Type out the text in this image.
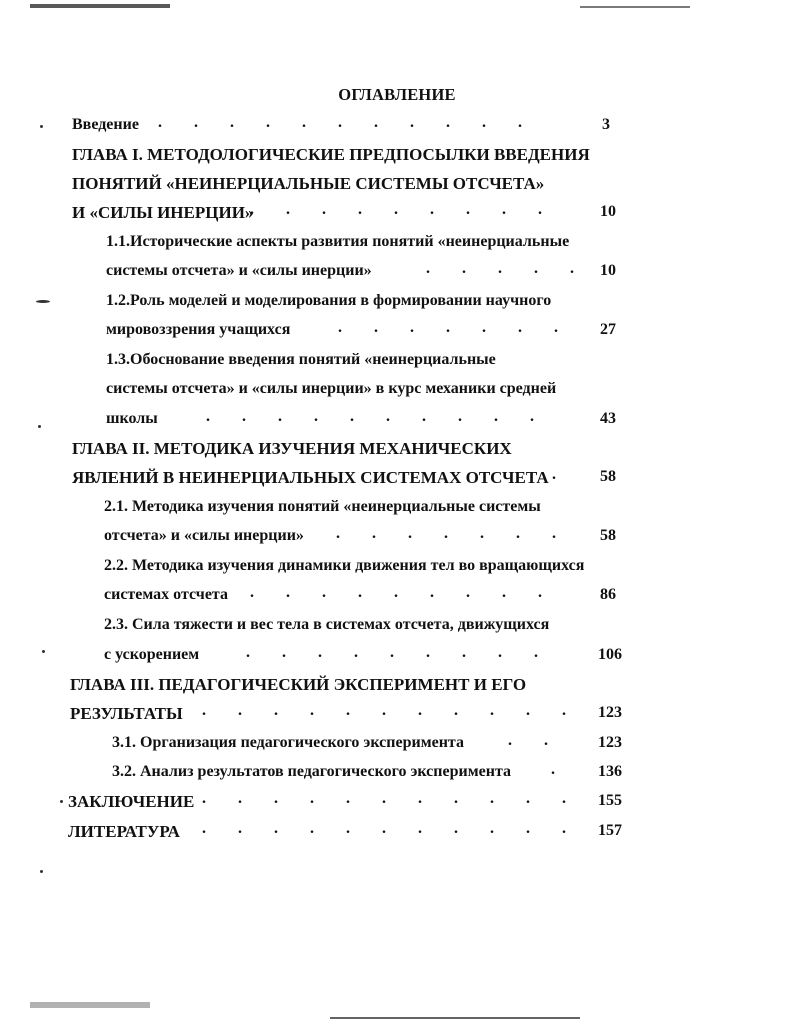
ОГЛАВЛЕНИЕ
Введение .  .  .  .  .  .  .  .  .  .  .	3
ГЛАВА I. МЕТОДОЛОГИЧЕСКИЕ ПРЕДПОСЫЛКИ ВВЕДЕНИЯ
ПОНЯТИЙ «НЕИНЕРЦИАЛЬНЫЕ СИСТЕМЫ ОТСЧЕТА»
И «СИЛЫ ИНЕРЦИИ»
.  .  .  .  .  .  .  .  .	10
1.1.Исторические аспекты развития понятий «неинерциальные
системы отсчета» и «силы инерции»	.  .  .  .  .	10
1.2.Роль моделей и моделирования в формировании научного
мировоззрения учащихся	.  .  .  .  .  .  .	27
1.3.Обоснование введения понятий «неинерциальные
системы отсчета» и «силы инерции» в курс механики средней
школы	.  .  .  .  .  .  .  .  .  .	43
ГЛАВА II. МЕТОДИКА ИЗУЧЕНИЯ МЕХАНИЧЕСКИХ
ЯВЛЕНИЙ В НЕИНЕРЦИАЛЬНЫХ СИСТЕМАХ ОТСЧЕТА .	58
2.1. Методика изучения понятий «неинерциальные системы
отсчета» и «силы инерции» .  .  .  .  .  .  .	58
2.2. Методика изучения динамики движения тел во вращающихся
системах отсчета .  .  .  .  .  .  .  .  .	86
2.3. Сила тяжести и вес тела в системах отсчета, движущихся
с ускорением	.  .  .  .  .  .  .  .  .	106
ГЛАВА III. ПЕДАГОГИЧЕСКИЙ ЭКСПЕРИМЕНТ И ЕГО
РЕЗУЛЬТАТЫ .  .  .  .  .  .  .  .  .  .  .	123
3.1. Организация педагогического эксперимента	.  .	123
3.2. Анализ результатов педагогического эксперимента	.	136
ЗАКЛЮЧЕНИЕ .  .  .  .  .  .  .  .  .  .  .	155
ЛИТЕРАТУРА .  .  .  .  .  .  .  .  .  .  .	157
